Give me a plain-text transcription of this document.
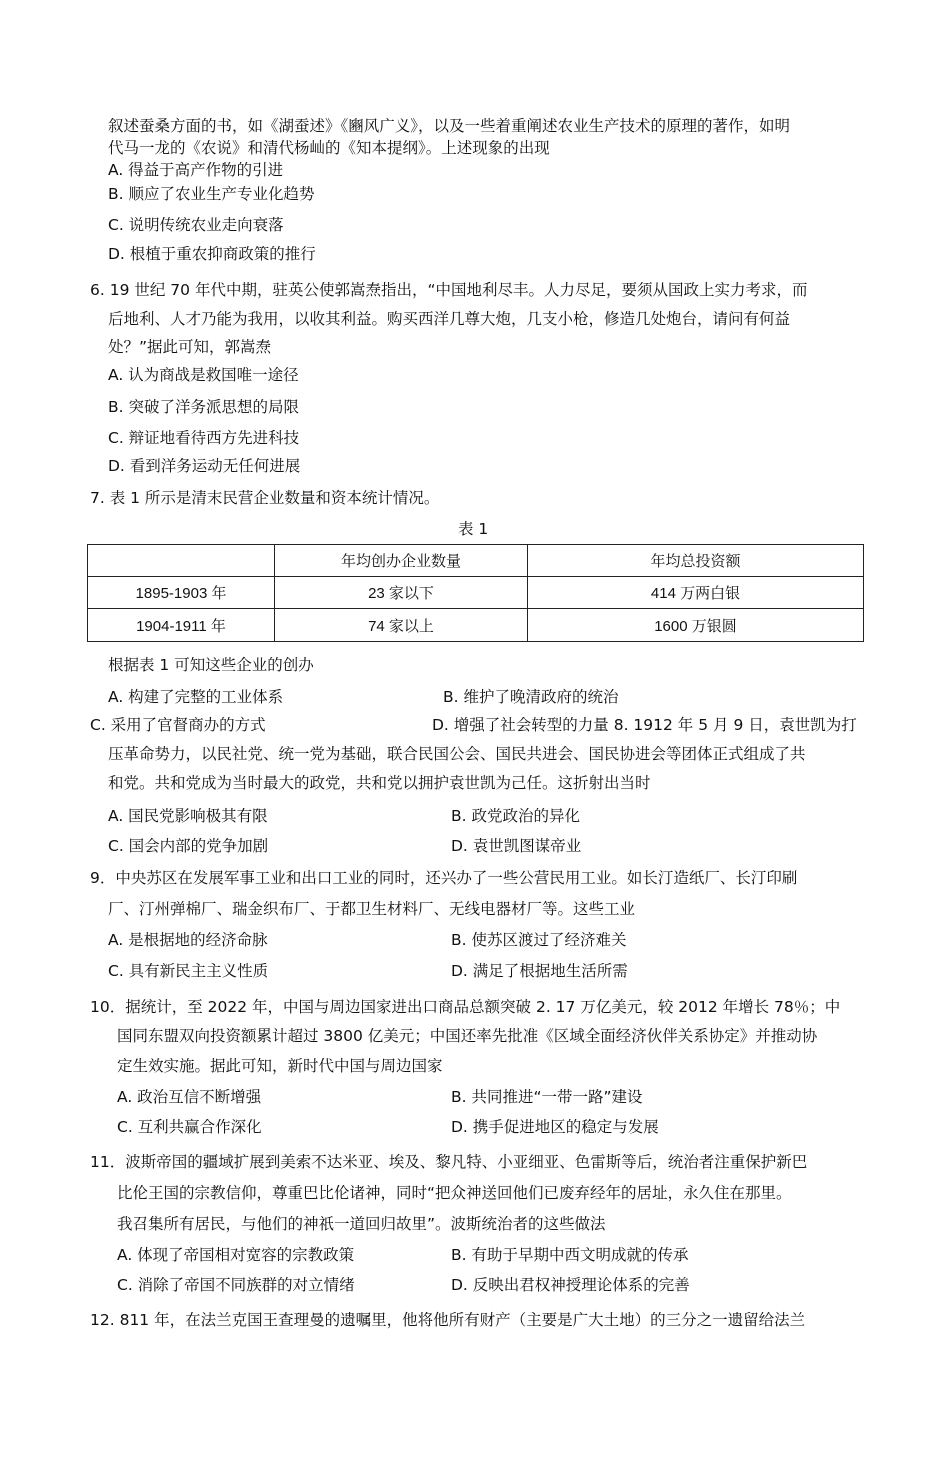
叙述蚕桑方面的书，如《湖蚕述》《豳风广义》，以及一些着重阐述农业生产技术的原理的著作，如明
代马一龙的《农说》和清代杨屾的《知本提纲》。上述现象的出现
A. 得益于高产作物的引进
B. 顺应了农业生产专业化趋势
C. 说明传统农业走向衰落
D. 根植于重农抑商政策的推行
6. 19 世纪 70 年代中期，驻英公使郭嵩焘指出，“中国地利尽丰。人力尽足，要须从国政上实力考求，而
后地利、人才乃能为我用，以收其利益。购买西洋几尊大炮，几支小枪，修造几处炮台，请问有何益
处？”据此可知，郭嵩焘
A. 认为商战是救国唯一途径
B. 突破了洋务派思想的局限
C. 辩证地看待西方先进科技
D. 看到洋务运动无任何进展
7. 表 1 所示是清末民营企业数量和资本统计情况。
表 1
	年均创办企业数量	年均总投资额
1895-1903 年	23 家以下	414 万两白银
1904-1911 年	74 家以上	1600 万银圆
根据表 1 可知这些企业的创办
A. 构建了完整的工业体系	B. 维护了晚清政府的统治
C. 采用了官督商办的方式	D. 增强了社会转型的力量 8. 1912 年 5 月 9 日，袁世凯为打
压革命势力，以民社党、统一党为基础，联合民国公会、国民共进会、国民协进会等团体正式组成了共
和党。共和党成为当时最大的政党，共和党以拥护袁世凯为己任。这折射出当时
A. 国民党影响极其有限	B. 政党政治的异化
C. 国会内部的党争加剧	D. 袁世凯图谋帝业
9．中央苏区在发展军事工业和出口工业的同时，还兴办了一些公营民用工业。如长汀造纸厂、长汀印刷
厂、汀州弹棉厂、瑞金织布厂、于都卫生材料厂、无线电器材厂等。这些工业
A. 是根据地的经济命脉	B. 使苏区渡过了经济难关
C. 具有新民主主义性质	D. 满足了根据地生活所需
10．据统计，至 2022 年，中国与周边国家进出口商品总额突破 2. 17 万亿美元，较 2012 年增长 78％；中
国同东盟双向投资额累计超过 3800 亿美元；中国还率先批准《区域全面经济伙伴关系协定》并推动协
定生效实施。据此可知，新时代中国与周边国家
A. 政治互信不断增强	B. 共同推进“一带一路”建设
C. 互利共赢合作深化	D. 携手促进地区的稳定与发展
11．波斯帝国的疆域扩展到美索不达米亚、埃及、黎凡特、小亚细亚、色雷斯等后，统治者注重保护新巴
比伦王国的宗教信仰，尊重巴比伦诸神，同时“把众神送回他们已废弃经年的居址，永久住在那里。
我召集所有居民，与他们的神祇一道回归故里”。波斯统治者的这些做法
A. 体现了帝国相对宽容的宗教政策	B. 有助于早期中西文明成就的传承
C. 消除了帝国不同族群的对立情绪	D. 反映出君权神授理论体系的完善
12. 811 年，在法兰克国王查理曼的遗嘱里，他将他所有财产（主要是广大土地）的三分之一遗留给法兰
